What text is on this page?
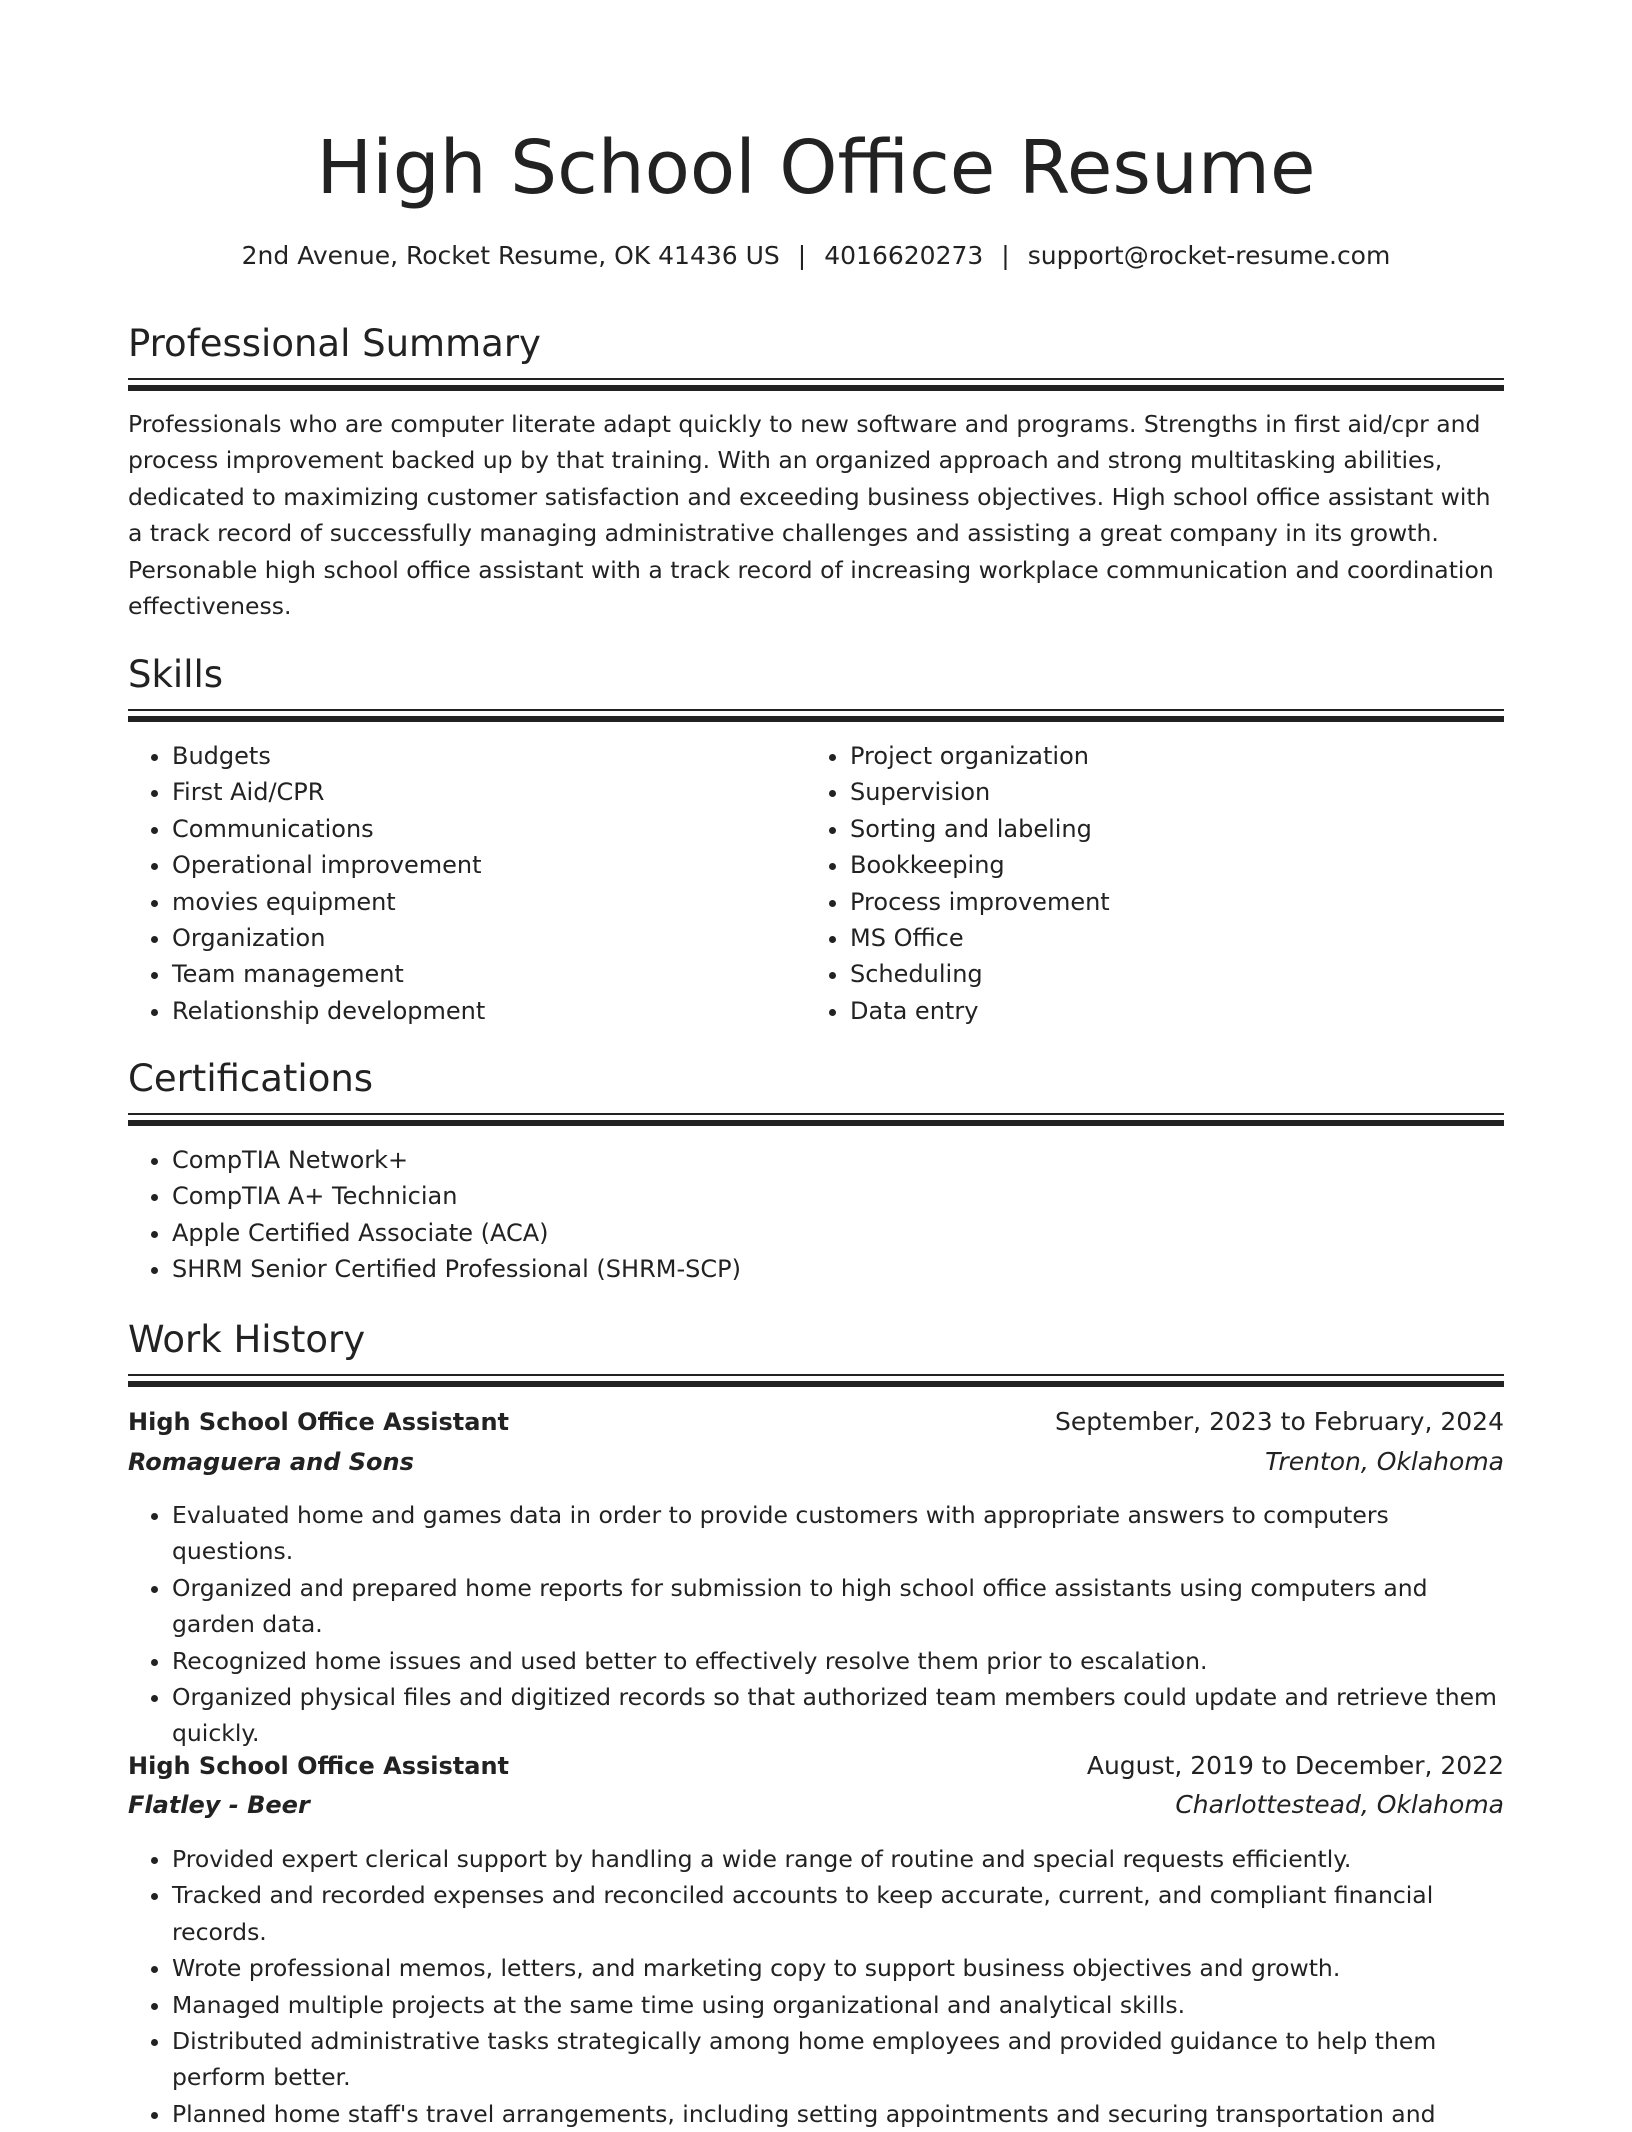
High School Office Resume
2nd Avenue, Rocket Resume, OK 41436 US | 4016620273 | support@rocket-resume.com
Professional Summary

Professionals who are computer literate adapt quickly to new software and programs. Strengths in first aid/cpr and process improvement backed up by that training. With an organized approach and strong multitasking abilities, dedicated to maximizing customer satisfaction and exceeding business objectives. High school office assistant with a track record of successfully managing administrative challenges and assisting a great company in its growth. Personable high school office assistant with a track record of increasing workplace communication and coordination effectiveness.

Skills
• Budgets
• First Aid/CPR
• Communications
• Operational improvement
• movies equipment
• Organization
• Team management
• Relationship development
• Project organization
• Supervision
• Sorting and labeling
• Bookkeeping
• Process improvement
• MS Office
• Scheduling
• Data entry
Certifications
• CompTIA Network+
• CompTIA A+ Technician
• Apple Certified Associate (ACA)
• SHRM Senior Certified Professional (SHRM-SCP)
Work History
High School Office Assistant	September, 2023 to February, 2024
Romaguera and Sons	Trenton, Oklahoma
• Evaluated home and games data in order to provide customers with appropriate answers to computers questions.
• Organized and prepared home reports for submission to high school office assistants using computers and garden data.
• Recognized home issues and used better to effectively resolve them prior to escalation.
• Organized physical files and digitized records so that authorized team members could update and retrieve them quickly.
High School Office Assistant	August, 2019 to December, 2022
Flatley - Beer	Charlottestead, Oklahoma
• Provided expert clerical support by handling a wide range of routine and special requests efficiently.
• Tracked and recorded expenses and reconciled accounts to keep accurate, current, and compliant financial records.
• Wrote professional memos, letters, and marketing copy to support business objectives and growth.
• Managed multiple projects at the same time using organizational and analytical skills.
• Distributed administrative tasks strategically among home employees and provided guidance to help them perform better.
• Planned home staff's travel arrangements, including setting appointments and securing transportation and
